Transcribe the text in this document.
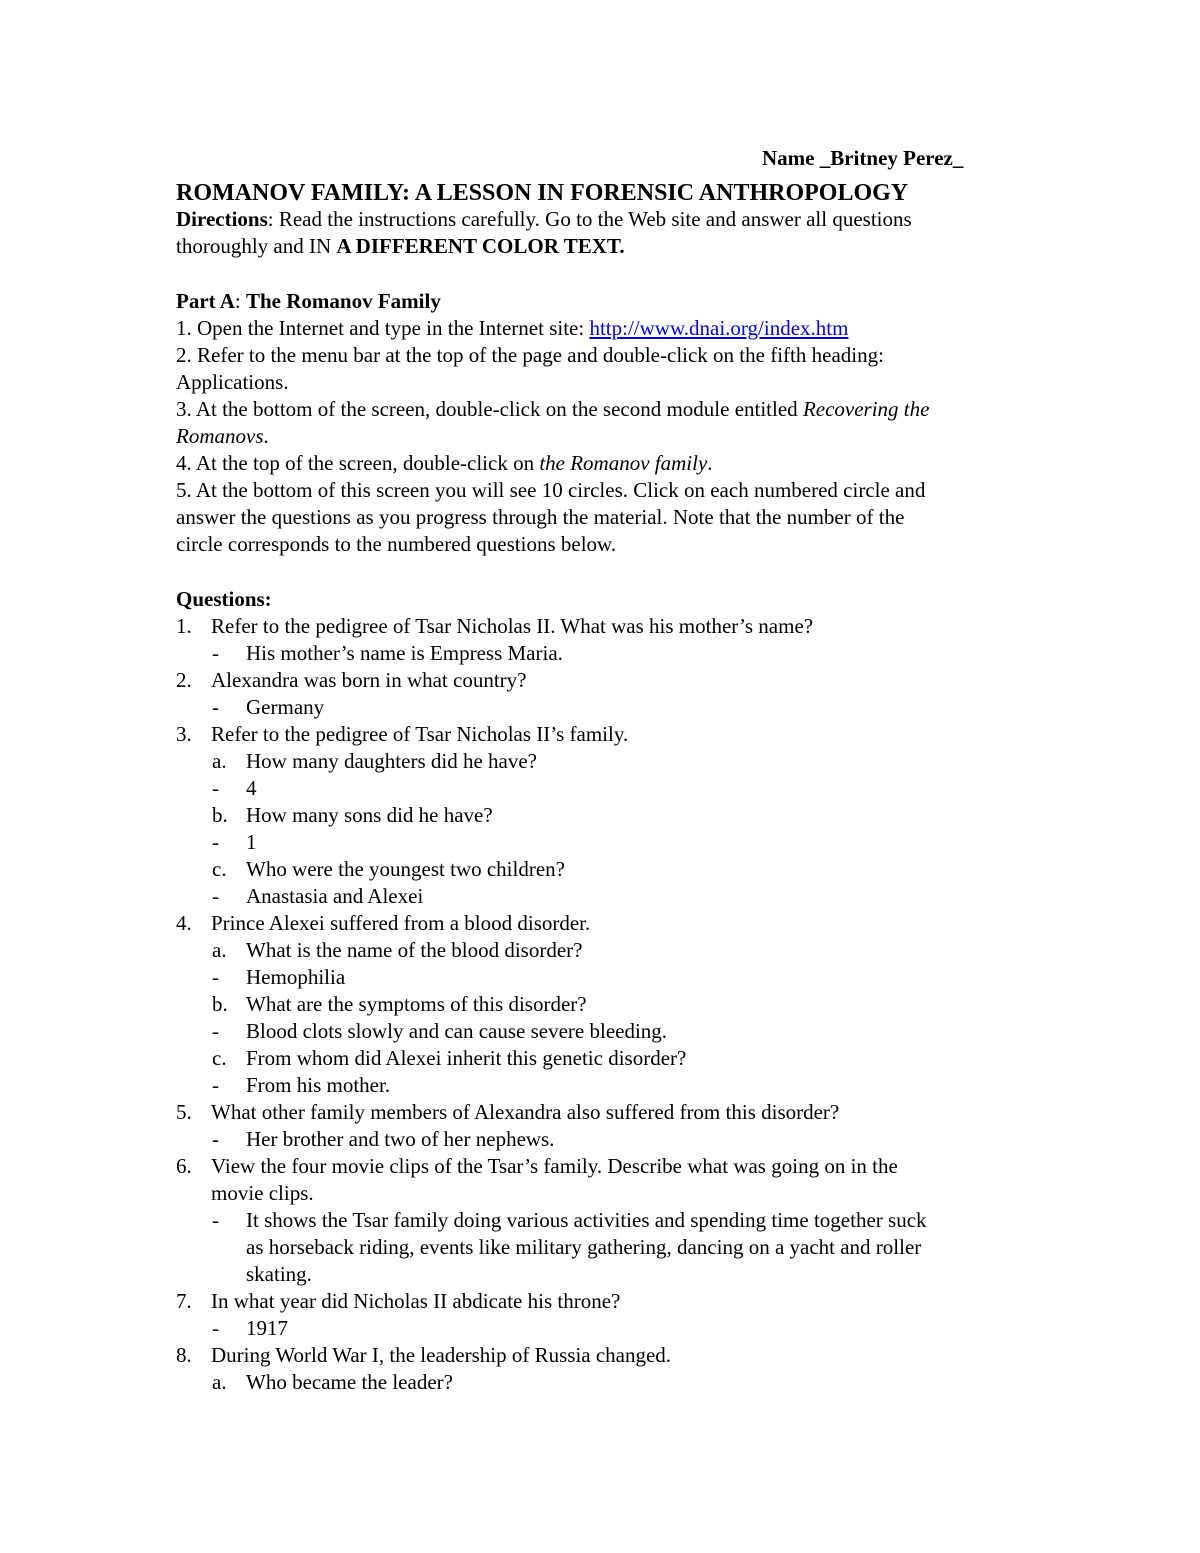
Name _Britney Perez_
ROMANOV FAMILY: A LESSON IN FORENSIC ANTHROPOLOGY
Directions: Read the instructions carefully. Go to the Web site and answer all questions
thoroughly and IN A DIFFERENT COLOR TEXT.
Part A: The Romanov Family
1. Open the Internet and type in the Internet site: http://www.dnai.org/index.htm
2. Refer to the menu bar at the top of the page and double-click on the fifth heading:
Applications.
3. At the bottom of the screen, double-click on the second module entitled Recovering the
Romanovs.
4. At the top of the screen, double-click on the Romanov family.
5. At the bottom of this screen you will see 10 circles. Click on each numbered circle and
answer the questions as you progress through the material. Note that the number of the
circle corresponds to the numbered questions below.
Questions:
1. Refer to the pedigree of Tsar Nicholas II. What was his mother’s name?
-	His mother’s name is Empress Maria.
2. Alexandra was born in what country?
-	Germany
3. Refer to the pedigree of Tsar Nicholas II’s family.
a. How many daughters did he have?
-	4
b. How many sons did he have?
-	1
c. Who were the youngest two children?
-	Anastasia and Alexei
4. Prince Alexei suffered from a blood disorder.
a. What is the name of the blood disorder?
-	Hemophilia
b. What are the symptoms of this disorder?
-	Blood clots slowly and can cause severe bleeding.
c. From whom did Alexei inherit this genetic disorder?
-	From his mother.
5. What other family members of Alexandra also suffered from this disorder?
-	Her brother and two of her nephews.
6. View the four movie clips of the Tsar’s family. Describe what was going on in the
movie clips.
-	It shows the Tsar family doing various activities and spending time together suck
as horseback riding, events like military gathering, dancing on a yacht and roller
skating.
7. In what year did Nicholas II abdicate his throne?
-	1917
8. During World War I, the leadership of Russia changed.
a. Who became the leader?
